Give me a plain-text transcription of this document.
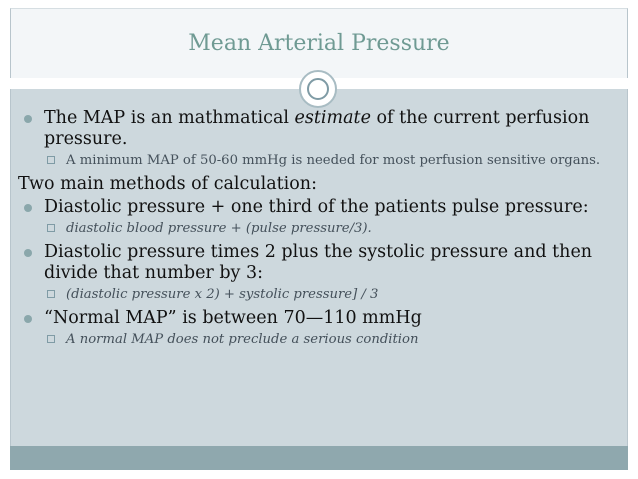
Mean Arterial Pressure
The MAP is an mathmatical estimate of the current perfusion pressure.
A minimum MAP of 50-60 mmHg is needed for most perfusion sensitive organs.
Two main methods of calculation:
Diastolic pressure + one third of the patients pulse pressure:
diastolic blood pressure + (pulse pressure/3).
Diastolic pressure times 2 plus the systolic pressure and then divide that number by 3:
(diastolic pressure x 2) + systolic pressure] / 3
“Normal MAP” is between 70—110 mmHg
A normal MAP does not preclude a serious condition
